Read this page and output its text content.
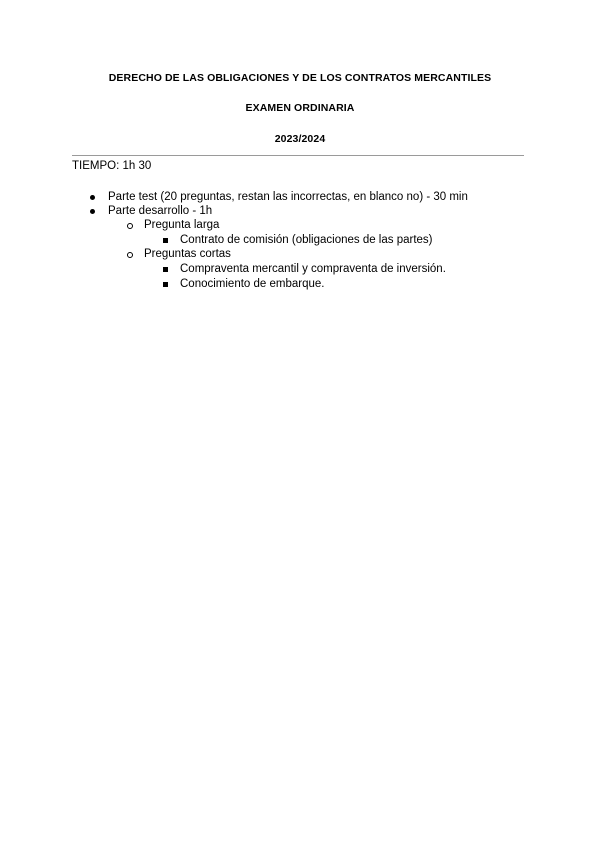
DERECHO DE LAS OBLIGACIONES Y DE LOS CONTRATOS MERCANTILES
EXAMEN ORDINARIA
2023/2024
TIEMPO: 1h 30
Parte test (20 preguntas, restan las incorrectas, en blanco no) - 30 min
Parte desarrollo - 1h
Pregunta larga
Contrato de comisión (obligaciones de las partes)
Preguntas cortas
Compraventa mercantil y compraventa de inversión.
Conocimiento de embarque.
